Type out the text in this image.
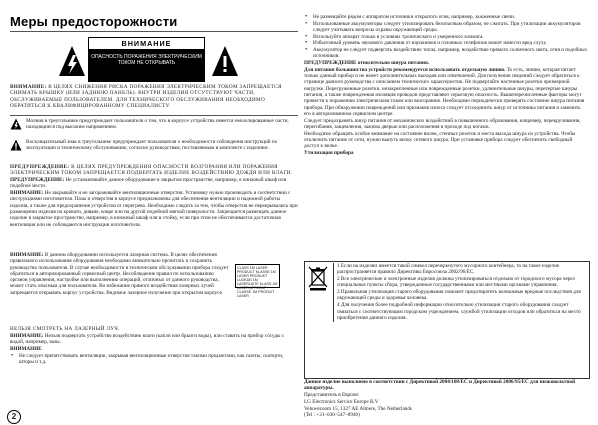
Меры предосторожности
ВНИМАНИЕ
ОПАСНОСТЬ ПОРАЖЕНИЯ ЭЛЕКТРИЧЕСКИМ ТОКОМ НЕ ОТКРЫВАТЬ

ВНИМАНИЕ: В ЦЕЛЯХ СНИЖЕНИЯ РИСКА ПОРАЖЕНИЯ ЭЛЕКТРИЧЕСКИМ ТОКОМ ЗАПРЕЩАЕТСЯ СНИМАТЬ КРЫШКУ (ИЛИ ЗАДНЮЮ ПАНЕЛЬ). ВНУТРИ ИЗДЕЛИЯ ОТСУТСТВУЮТ ЧАСТИ, ОБСЛУЖИВАЕМЫЕ ПОЛЬЗОВАТЕЛЕМ. ДЛЯ ТЕХНИЧЕСКОГО ОБСЛУЖИВАНИЯ НЕОБХОДИМО ОБРАТИТЬСЯ К КВАЛИФИЦИРОВАННОМУ СПЕЦИАЛИСТУ.

Молния в треугольнике предупреждает пользователя о том, что в корпусе устройства имеется неизолированные части, находящиеся под высоким напряжением.
Восклицательный знак в треугольнике предупреждает пользователя о необходимости соблюдения инструкций по эксплуатации и техническому обслуживанию, согласно руководствам, поставляемым в комплекте с изделием.

ПРЕДУПРЕЖДЕНИЕ: В ЦЕЛЯХ ПРЕДУПРЕЖДЕНИЯ ОПАСНОСТИ ВОЗГОРАНИЯ ИЛИ ПОРАЖЕНИЯ ЭЛЕКТРИЧЕСКИМ ТОКОМ ЗАПРЕЩАЕТСЯ ПОДВЕРГАТЬ ИЗДЕЛИЕ ВОЗДЕЙСТВИЮ ДОЖДЯ ИЛИ ВЛАГИ.

ПРЕДУПРЕЖДЕНИЕ: Не устанавливайте данное оборудование в закрытом пространстве, например, в книжный шкаф или подобное место.

ВНИМАНИЕ: Не закрывайте и не загораживайте вентиляционные отверстия. Установку нужно производить в соответствии с инструкциями изготовителя. Пазы и отверстия в корпусе предназначены для обеспечения вентиляции и надежной работы изделия, а также для предохранения устройства от перегрева. Необходимо следить за тем, чтобы отверстия не перекрывались при размещении изделия на кровати, диване, ковре или на другой подобной мягкой поверхности. Запрещается размещать данное изделие в закрытое пространство, например, в книжный шкаф или в стойку, если при этом не обеспечивается достаточная вентиляция или не соблюдаются инструкции изготовителя.

ВНИМАНИЕ: В данном оборудовании используется лазерная система. В целях обеспечения правильного использования оборудования необходимо внимательно прочитать и сохранить руководство пользователя. В случае необходимости в техническом обслуживании прибора следует обратиться в авторизированный сервисный центр. Несоблюдение правил по использованию органов управления, настройке или выполнению операций, отличных от данного руководства, может стать опасным для пользователя. Во избежание прямого воздействия лазерных лучей запрещается открывать корпус устройства. Видимое лазерное излучение при открытом корпусе.

CLASS 1M LASER PRODUCT KLASSE 1M LASER PRODUKT LUOKAN 1M LASERLAITE KLASS 1M LASER APPARAT CLASSE 1M PRODUIT LASER

НЕЛЬЗЯ СМОТРЕТЬ НА ЛАЗЕРНЫЙ ЛУЧ.

ВНИМАНИЕ: Нельзя подвергать устройство воздействию влаги (капли или брызги воды), или ставить на прибор сосуды с водой, например, вазы.

ВНИМАНИЕ

• Не следует препятствовать вентиляции, закрывая вентиляционные отверстия такими предметами, как газеты, скатерти, шторы и т.д.
• Не размещайте рядом с аппаратом источники открытого огня, например, зажженные свечи.
• Использованные аккумуляторы следует утилизировать безопасным образом, не сжигать. При утилизации аккумуляторов следует учитывать вопросы охраны окружающей среды.
• Используйте аппарат только в условиях тропического и умеренного климата.
• Избыточный уровень звукового давления от наушников и головных телефонов может нанести вред слуху.
• Аккумулятор не следует подвергать воздействию тепла, например, воздействие прямого солнечного света, огня и подобных источников.

ПРЕДУПРЕЖДЕНИЕ относительно шнура питания.

Для питания большинства устройств рекомендуется использовать отдельную линию. То есть, линию, которая питает только данный прибор и не имеет дополнительных выходов или ответвлений. Для получения сведений следует обратиться к странице данного руководства с описанием технических характеристик. Не подвергайте настенные розетки чрезмерной нагрузке. Перегруженные розетки, незакрепленные или поврежденные розетки, удлинительные шнуры, перетертые шнуры питания, а также поврежденная изоляция проводов представляют серьезную опасность. Вышеперечисленные факторы могут привести к поражению электрическим током или возгоранию. Необходимо периодически проверять состояние шнура питания прибора. При обнаружении повреждений или признаков износа следует отсоединить шнур от источника питания и заменить его в авторизованном сервисном центре.

Следует предохранять шнур питания от механических воздействий в повышенного образования, например, перекручивания, перегибания, защемления, зажима дверью или расположения в проходе под ногами.

Необходимо обращать особое внимание на состояние вилок, стенных розеток и места выхода шнура из устройства. Чтобы отключить питание от сети, нужно вынуть вилку сетевого шнура. При установке прибора следует обеспечить свободный доступ к вилке.

Утилизация прибора

1 Если на изделии имеется такой символ перечеркнутого мусорного контейнера, то на такое изделие распространяется правило Директивы Евросоюза 2002/96/EC.
2 Все электрические и электронные изделия должны утилизироваться отдельно от городского мусора через специальные пункты сбора, утвержденные государственными или местными органами управления.
3 Правильная утилизация старого оборудования поможет предотвратить возможные вредные последствия для окружающей среды и здоровья человека.
4 Для получения более подробной информации относительно утилизации старого оборудования следует связаться с соответствующим городским учреждением, службой утилизации отходов или обратиться на место приобретения данного изделия.

Данное изделие выполнено в соответствии с Директивой 2004/108/EC и Директивой 2006/95/EC для низковольтной аппаратуры.

Представитель в Европе:

LG Electronics Service Europe B.V

Veluwezoom 15, 1327 AE Almere, The Netherlands

(Tel : +31–036–547–8940)

2
